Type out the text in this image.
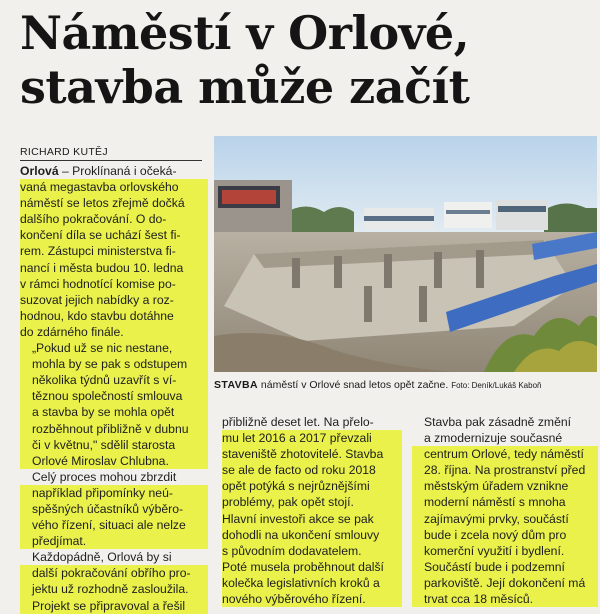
Náměstí v Orlové,
stavba může začít
RICHARD KUTĚJ

Orlová – Proklínaná i očeká-
vaná megastavba orlovského
náměstí se letos zřejmě dočká
dalšího pokračování. O do-
končení díla se uchází šest fi-
rem. Zástupci ministerstva fi-
nancí i města budou 10. ledna
v rámci hodnotící komise po-
suzovat jejich nabídky a roz-
hodnou, kdo stavbu dotáhne
do zdárného finále.

„Pokud už se nic nestane,
mohla by se pak s odstupem
několika týdnů uzavřít s ví-
těznou společností smlouva
a stavba by se mohla opět
rozběhnout přibližně v dubnu
či v květnu," sdělil starosta
Orlové Miroslav Chlubna.

Celý proces mohou zbrzdit
například připomínky neú-
spěšných účastníků výběro-
vého řízení, situaci ale nelze
předjímat.

Každopádně, Orlová by si
další pokračování obřího pro-
jektu už rozhodně zasloužila.
Projekt se připravoval a řešil

STAVBA náměstí v Orlové snad letos opět začne. Foto: Deník/Lukáš Kaboň

přibližně deset let. Na přelo-
mu let 2016 a 2017 převzali
staveniště zhotovitelé. Stavba
se ale de facto od roku 2018
opět potýká s nejrůznějšími
problémy, pak opět stojí.
Hlavní investoři akce se pak
dohodli na ukončení smlouvy
s původním dodavatelem.
Poté musela proběhnout další
kolečka legislativních kroků a
nového výběrového řízení.

Stavba pak zásadně změní
a zmodernizuje současné
centrum Orlové, tedy náměstí
28. října. Na prostranství před
městským úřadem vznikne
moderní náměstí s mnoha
zajímavými prvky, součástí
bude i zcela nový dům pro
komerční využití i bydlení.
Součástí bude i podzemní
parkoviště. Její dokončení má
trvat cca 18 měsíců.
